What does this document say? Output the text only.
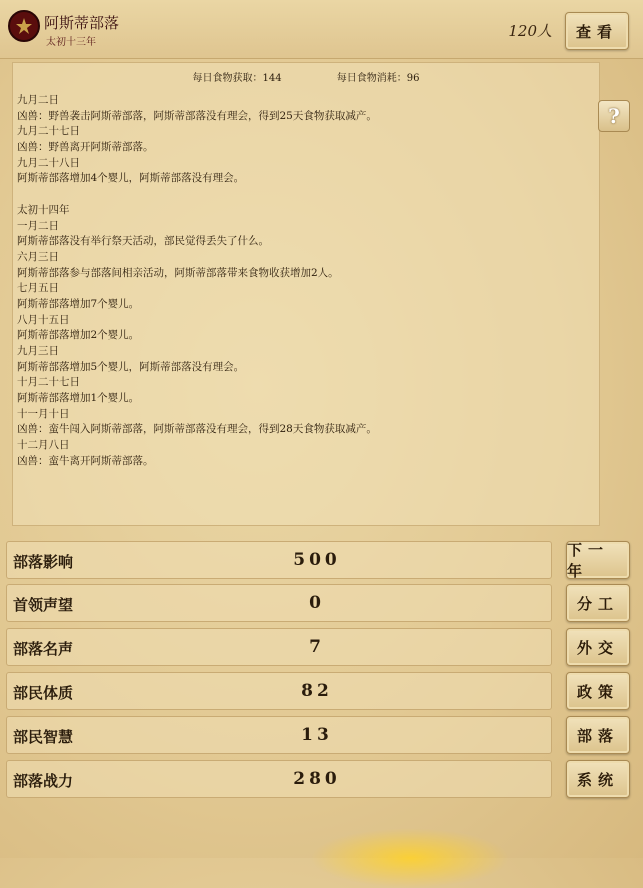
阿斯蒂部落
太初十三年
120人	查看
每日食物获取：144	每日食物消耗：96
九月二日
凶兽：野兽袭击阿斯蒂部落，阿斯蒂部落没有理会，得到25天食物获取减产。
九月二十七日
凶兽：野兽离开阿斯蒂部落。
九月二十八日
阿斯蒂部落增加4个婴儿，阿斯蒂部落没有理会。
太初十四年
一月二日
阿斯蒂部落没有举行祭天活动，部民觉得丢失了什么。
六月三日
阿斯蒂部落参与部落间相亲活动，阿斯蒂部落带来食物收获增加2人。
七月五日
阿斯蒂部落增加7个婴儿。
八月十五日
阿斯蒂部落增加2个婴儿。
九月三日
阿斯蒂部落增加5个婴儿，阿斯蒂部落没有理会。
十月二十七日
阿斯蒂部落增加1个婴儿。
十一月十日
凶兽：蛮牛闯入阿斯蒂部落，阿斯蒂部落没有理会，得到28天食物获取减产。
十二月八日
凶兽：蛮牛离开阿斯蒂部落。
?
部落影响	500
首领声望	0
部落名声	7
部民体质	82
部民智慧	13
部落战力	280
下一年
分工
外交
政策
部落
系统
